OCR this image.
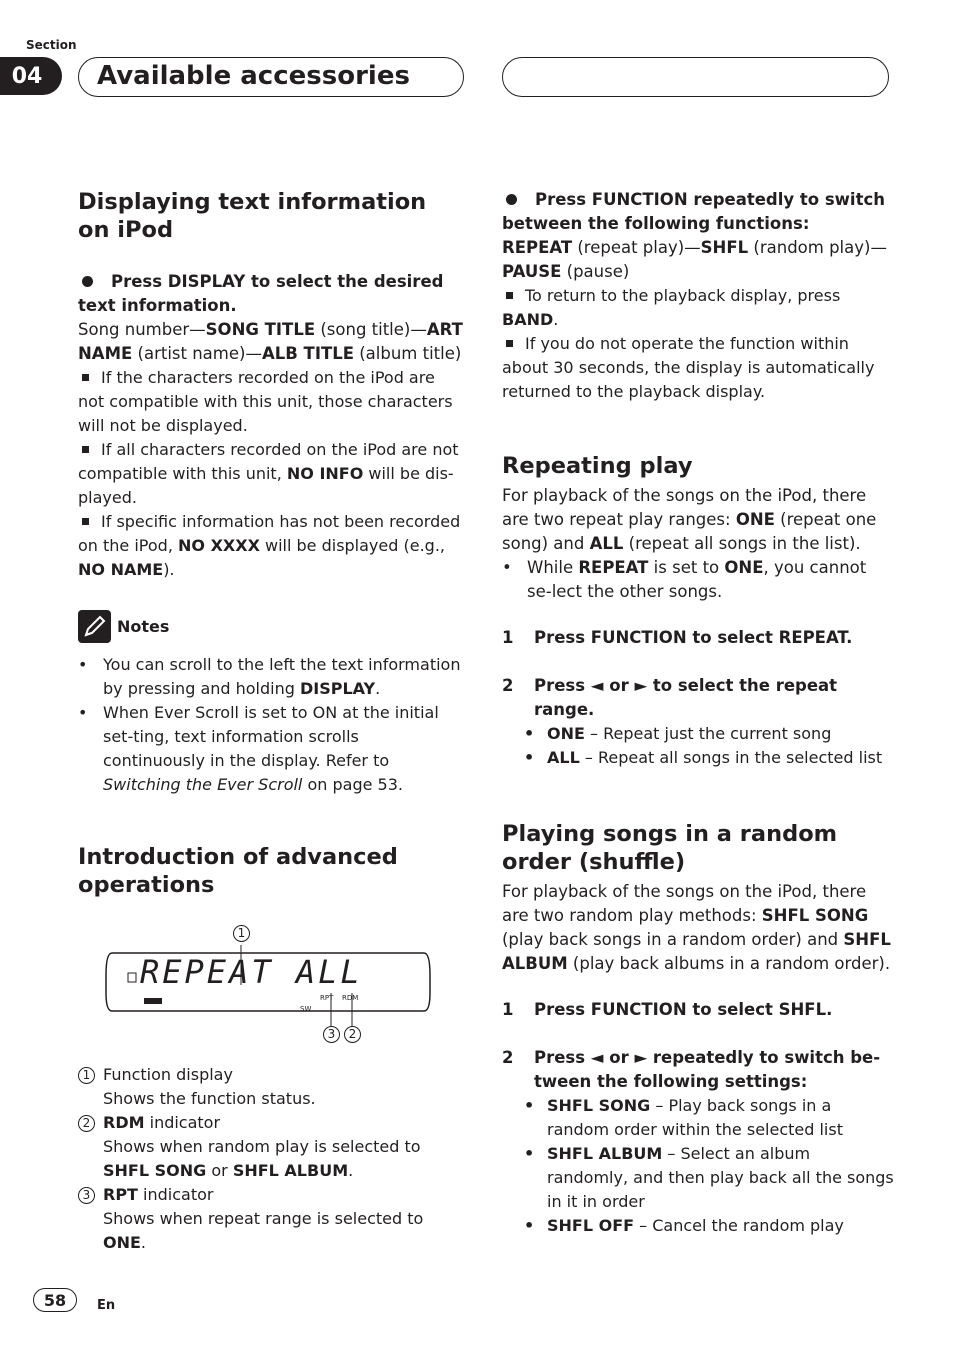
Section
04	Available accessories
Displaying text information on iPod

Press DISPLAY to select the desired text information.

Song number—SONG TITLE (song title)—ART NAME (artist name)—ALB TITLE (album title)

If the characters recorded on the iPod are not compatible with this unit, those characters will not be displayed.

If all characters recorded on the iPod are not compatible with this unit, NO INFO will be dis-played.

If specific information has not been recorded on the iPod, NO XXXX will be displayed (e.g., NO NAME).

Notes
• You can scroll to the left the text information by pressing and holding DISPLAY.
• When Ever Scroll is set to ON at the initial set-ting, text information scrolls continuously in the display. Refer to Switching the Ever Scroll on page 53.
Introduction of advanced operations
REPEAT ALL
RPT RDM
SW
1
3	2
1 Function display
Shows the function status.
2 RDM indicator
Shows when random play is selected to SHFL SONG or SHFL ALBUM.
3 RPT indicator
Shows when repeat range is selected to ONE.

Press FUNCTION repeatedly to switch between the following functions:

REPEAT (repeat play)—SHFL (random play)—PAUSE (pause)

To return to the playback display, press BAND.

If you do not operate the function within about 30 seconds, the display is automatically returned to the playback display.

Repeating play

For playback of the songs on the iPod, there are two repeat play ranges: ONE (repeat one song) and ALL (repeat all songs in the list).

• While REPEAT is set to ONE, you cannot se-lect the other songs.
1	Press FUNCTION to select REPEAT.
2	Press ◄ or ► to select the repeat range.
• ONE – Repeat just the current song
• ALL – Repeat all songs in the selected list
Playing songs in a random order (shuffle)

For playback of the songs on the iPod, there are two random play methods: SHFL SONG (play back songs in a random order) and SHFL ALBUM (play back albums in a random order).

1	Press FUNCTION to select SHFL.
2	Press ◄ or ► repeatedly to switch be-tween the following settings:
• SHFL SONG – Play back songs in a random order within the selected list
• SHFL ALBUM – Select an album randomly, and then play back all the songs in it in order
• SHFL OFF – Cancel the random play
58	En
